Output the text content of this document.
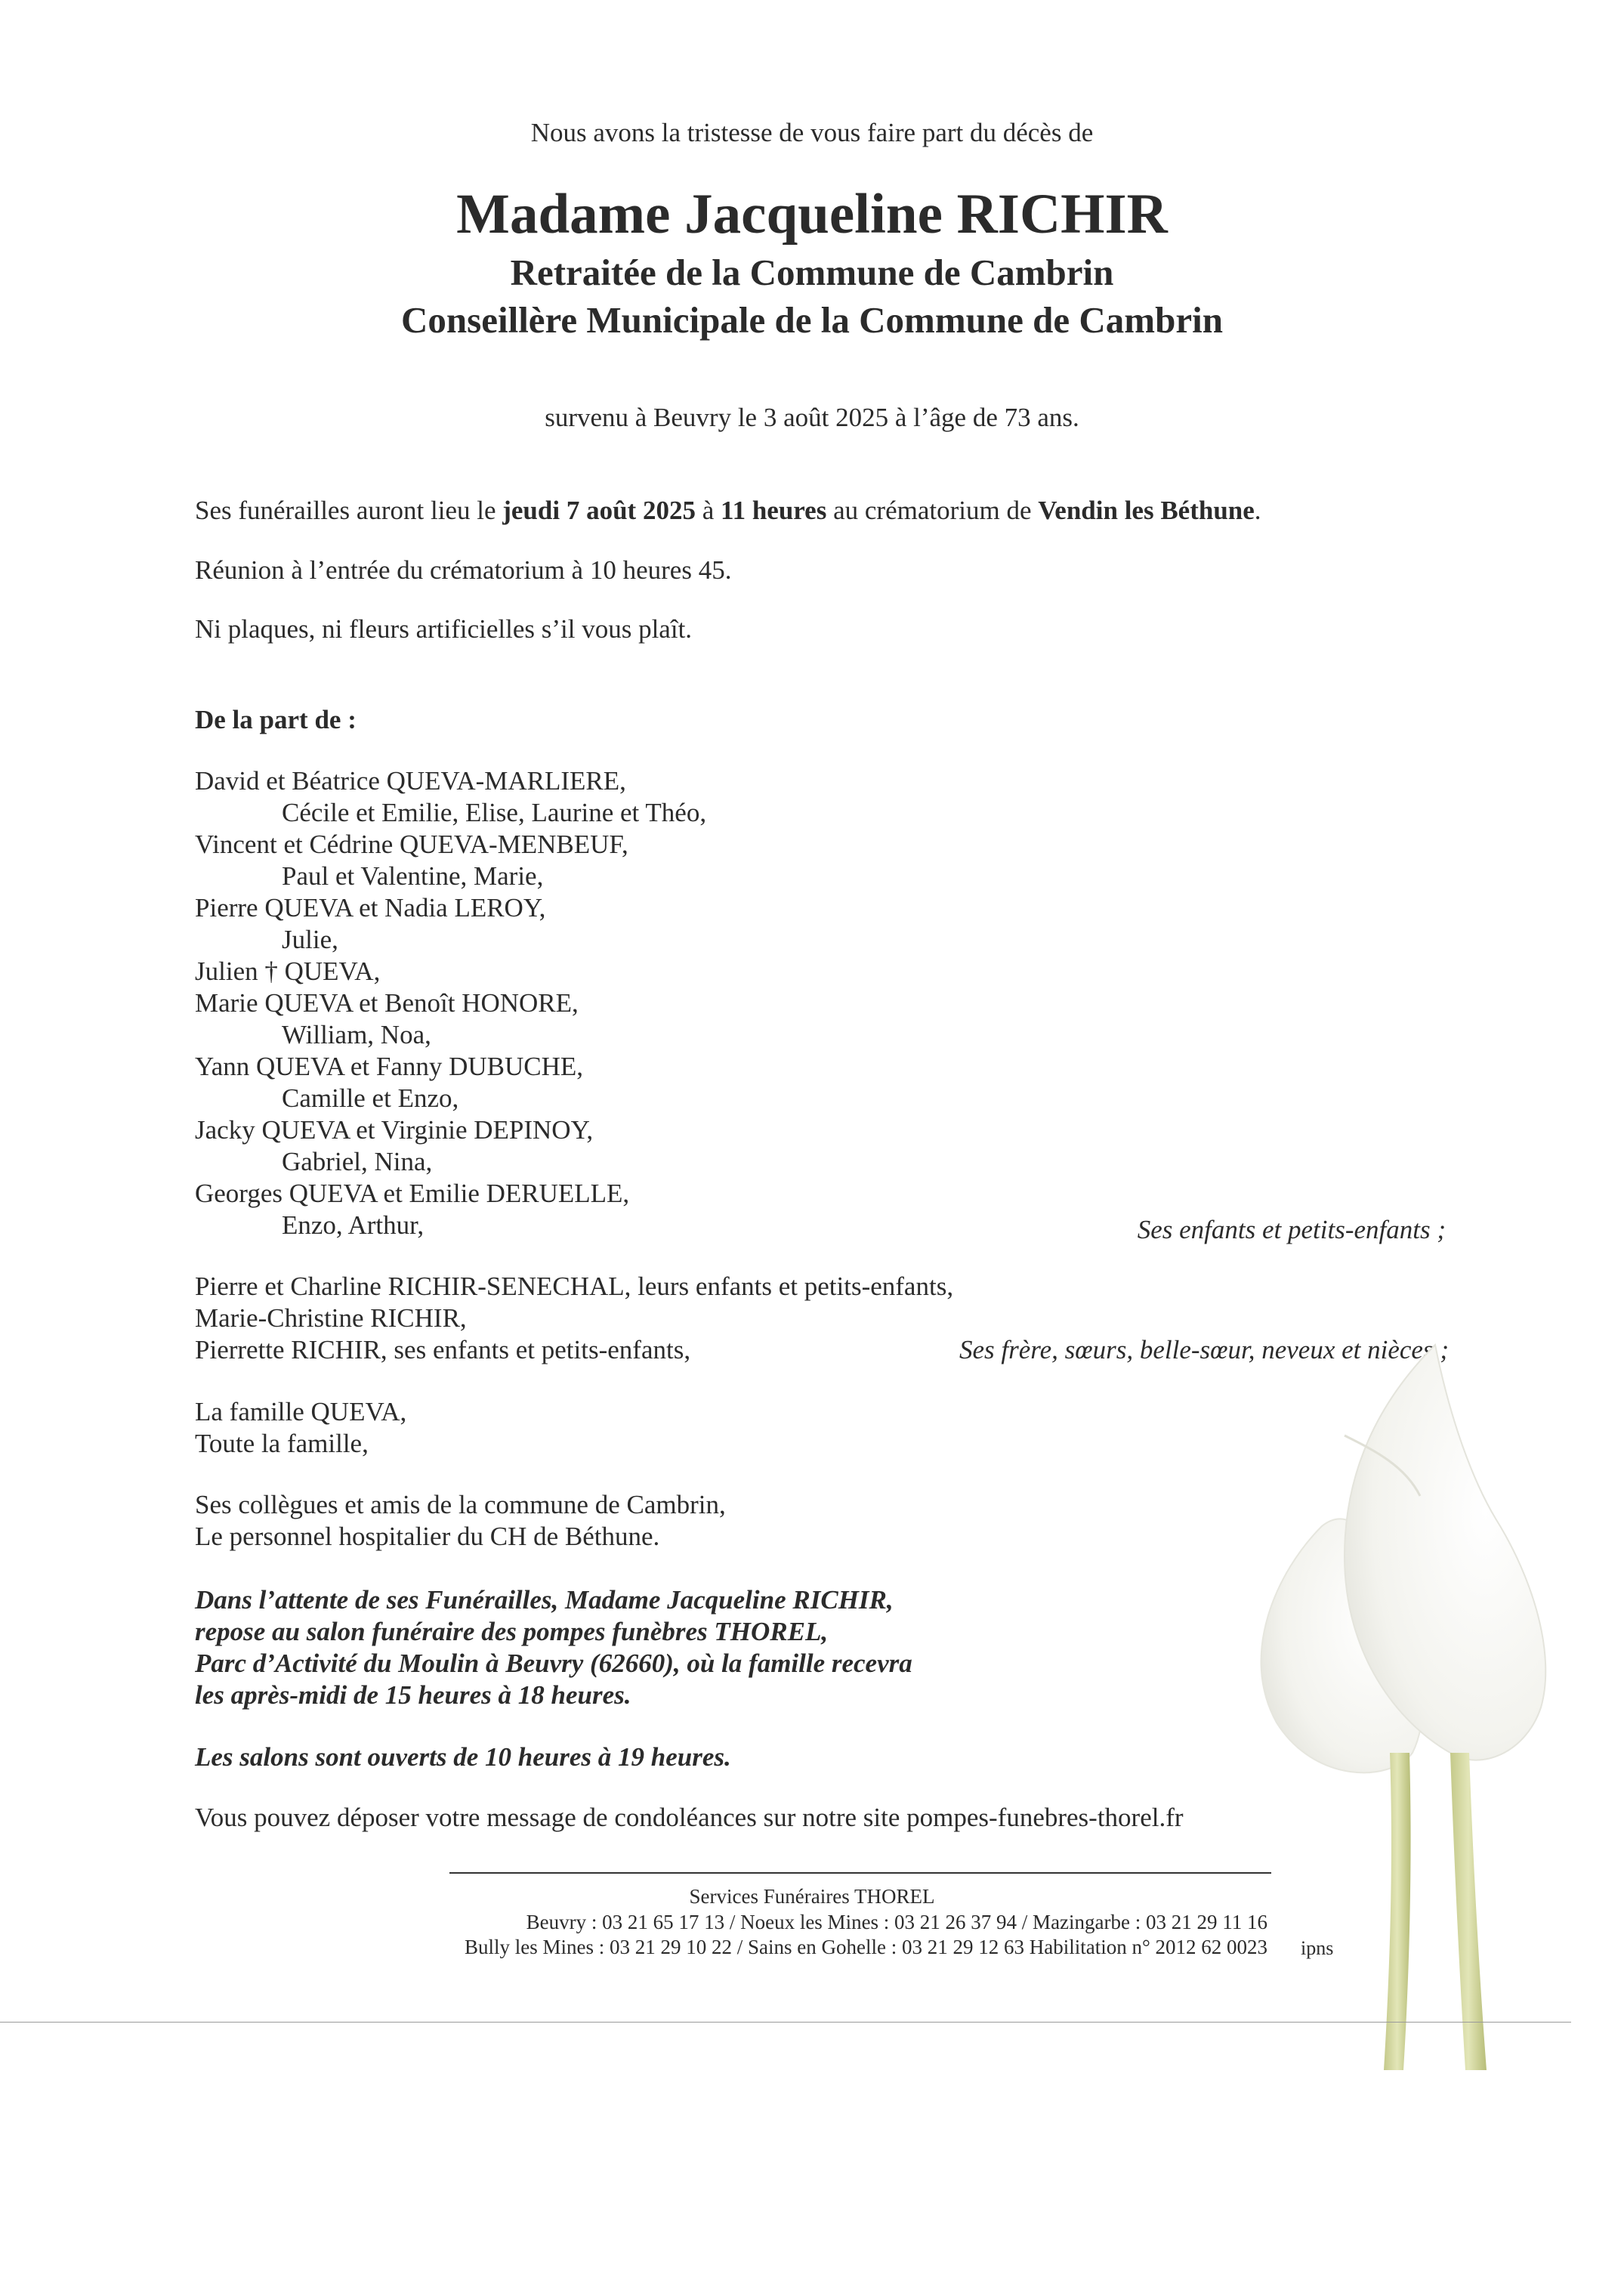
Nous avons la tristesse de vous faire part du décès de
Madame Jacqueline RICHIR
Retraitée de la Commune de Cambrin
Conseillère Municipale de la Commune de Cambrin
survenu à Beuvry le 3 août 2025 à l’âge de 73 ans.
Ses funérailles auront lieu le jeudi 7 août 2025 à 11 heures au crématorium de Vendin les Béthune.
Réunion à l’entrée du crématorium à 10 heures 45.
Ni plaques, ni fleurs artificielles s’il vous plaît.
De la part de :
David et Béatrice QUEVA-MARLIERE,
Cécile et Emilie, Elise, Laurine et Théo,
Vincent et Cédrine QUEVA-MENBEUF,
Paul et Valentine, Marie,
Pierre QUEVA et Nadia LEROY,
Julie,
Julien † QUEVA,
Marie QUEVA et Benoît HONORE,
William, Noa,
Yann QUEVA et Fanny DUBUCHE,
Camille et Enzo,
Jacky QUEVA et Virginie DEPINOY,
Gabriel, Nina,
Georges QUEVA et Emilie DERUELLE,
Enzo, Arthur,	Ses enfants et petits-enfants ;
Pierre et Charline RICHIR-SENECHAL, leurs enfants et petits-enfants,
Marie-Christine RICHIR,
Pierrette RICHIR, ses enfants et petits-enfants,	Ses frère, sœurs, belle-sœur, neveux et nièces ;
La famille QUEVA,
Toute la famille,
Ses collègues et amis de la commune de Cambrin,
Le personnel hospitalier du CH de Béthune.
Dans l’attente de ses Funérailles, Madame Jacqueline RICHIR,
repose au salon funéraire des pompes funèbres THOREL,
Parc d’Activité du Moulin à Beuvry (62660), où la famille recevra
les après-midi de 15 heures à 18 heures.
Les salons sont ouverts de 10 heures à 19 heures.
Vous pouvez déposer votre message de condoléances sur notre site pompes-funebres-thorel.fr
Services Funéraires THOREL
Beuvry : 03 21 65 17 13 / Noeux les Mines : 03 21 26 37 94 / Mazingarbe : 03 21 29 11 16
Bully les Mines : 03 21 29 10 22 / Sains en Gohelle : 03 21 29 12 63 Habilitation n° 2012 62 0023 ipns
